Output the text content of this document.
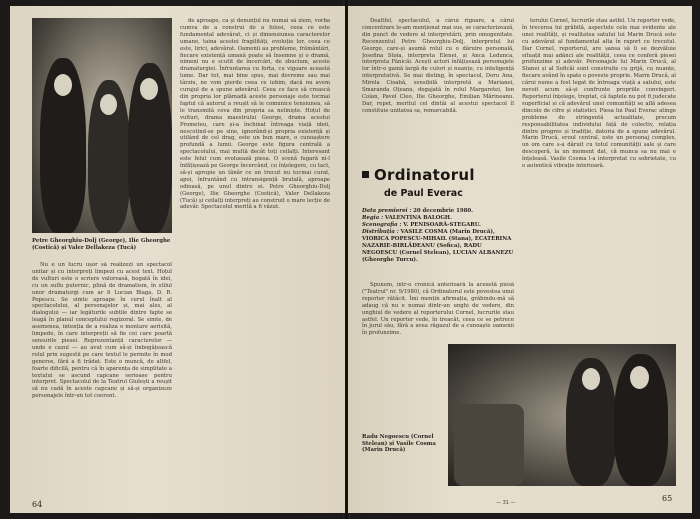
Petre Gheorghiu-Dolj (George), Ilie Gheorghe (Costică) și Valer Dellakeza (Tucă)

Nu e un lucru ușor să realizezi un spectacol unitar și cu interpreți limpezi cu acest text. Hoțul de vulturi este o scriere valoroasă, bogată în idei, cu un suflu puternic, plină de dramatism, în stilul unor dramaturgi cum ar fi Lucian Blaga, D. R. Popescu. Se simte aproape în cerul înalt al spectacolului, al personajelor și, mai ales, al dialogului — iar legăturile subtile dintre fapte se leagă în planul conceptului regizoral. Se simte, de asemenea, intenția de a realiza o montare aerisită, limpede, în care interpreții să fie cei care poartă sensurile piesei. Reprezentanții caracterelor — unde e cazul — au avut cum să-și îmbogățească rolul prin sugestii pe care textul le permite în mod generos, fără a fi trădat. Este o muncă, de altfel, foarte dificilă, pentru că în aparența de simplitate a textului se ascund capcane serioase pentru interpret. Spectacolul de la Teatrul Giulești a reușit să nu cadă în aceste capcane și să-și organizeze personajele într-un tot coerent.

de aproape, ca și denunțul nu numai să ziem, vorba cumva de a construi de a folosi, ceea ce este fundamental adevărat, ci și dimensiunea caracterelor umane, taina acestei fragilități, evoluție lor, ceea ce este, lirici, adevărat. Oamenii au probleme, frământări, fiecare existență umană poate să însemne și o dramă, nimeni nu e scutit de încercări, de zbucium, aceste dramaturgiei. Înfruntarea cu forța, cu vigoare această lume. Dar tot, mai bine spus, mai devreme sau mai târziu, ne vom pierde ceea ce iubim, dacă nu avem curajul de a spune adevărul. Ceea ce face să crească din propria lor plămadă aceste personaje este tocmai faptul că autorul a reușit să le comunice tensiunea, să le transmită ceva din propria sa neliniște. Hoțul de vulturi, drama maestrului George, drama acestui Prometeu, care și-a închinat întreaga viață ideii, nescotind-se pe sine, ignorând-și propria existență și utilând de cel drag, este un bun mare, o cunoaștere profundă a lumii. George este figura centrală a spectacolului, mai multă decât toți ceilalți. Interesant este felul cum evoluează piesa. O scenă fugară ni-l înfățișează pe George încercând, cu înțelegere, cu tact, să-și apropie un tânăr ce un trecut nu tocmai curat, apoi, înfruntând cu intransigență brutală, aproape odioasă, pe unul dintre ei. Petre Gheorghiu-Dolj (George), Ilie Gheorghe (Costică), Valer Dellakeza (Tucă) și ceilalți interpreți au construit o mare lecție de adevăr. Spectacolul merită a fi văzut.

64

Dealtfel, spectacolul, a cărui rigoare, a cărui concentrare le-am menționat mai sus, se caracterizează, din punct de vedere al interpretării, prin omogenitate. Recenzentul Petre Gheorghiu-Dolj, interpretul lui George, care-și asumă rolul cu o dăruire personală, Josefina Stoia, interpreta Elenei, și Anca Ledunca, interpreta Fănicăi. Acești actori înfățișează personajele lor într-o gamă largă de culori și nuanțe, cu inteligență interpretativă. Se mai disting, în spectacol, Doru Ana, Mirela Cioabă, sensibilă interpretă a Marianei, Smaranda Oțeanu, degajată în rolul Margaretei, Ion Colan, Pavel Cleo, Ilie Gheorghe, Emilian Mărineanu. Dar, repet, meritul cel dintâi al acestui spectacol îl constituie unitatea sa, remarcabilă.

Ordinatorul
de Paul Everac
Data premierei : 20 decembrie 1980.
Regia : VALENTINA BALOGH.
Scenografia : V. PENISOARĂ-STEGARU.
Distribuția : VASILE COSMA (Marin Drucă), VIORICA POPESCU-MIHAIL (Stana), ECATERINA NAZARIE-BIRLĂDEANU (Sofica), RADU NEGOESCU (Cornel Stelean), LUCIAN ALBANEZU (Gheorghe Turcu).

Spunem, într-o cronică anterioară la această piesă ("Teatrul" nr. 9/1980), că Ordinatorul este povestea unui reporter rătăcit. Îmi mențin afirmația, grăbindu-mă să adaug că nu e numai dintr-un unghi de vedere, din unghiul de vedere al reporterului Cornel, lucrurile stau astfel. Un reporter vede, în treacăt, ceea ce se petrece în jurul său, fără a avea răgazul de a cunoaște oamenii în profunzime.

terului Cornel, lucrurile stau astfel. Un reporter vede, în trecerea lui grăbită, aspectele cele mai evidente ale unei realități, și realitatea satului lui Marin Drucă este cu adevărat al fundamental alta în raport cu trecutul. Dar Cornel, reporterul, are șansa să îi se dezvăluie situații mai adânci ale realității, ceea ce conferă piesei profunzime și adevăr. Personajele lui Marin Drucă, al Stanei și al Soficăi sunt construite cu grijă, cu nuanțe, fiecare având în spate o poveste proprie. Marin Drucă, al cărui nume a fost legat de întreaga viață a satului, este nevoit acum să-și confrunte propriile convingeri. Reporterul înțelege, treptat, că faptele nu pot fi judecate superficial și că adevărul unei comunități se află adesea dincolo de cifre și statistici. Piesa lui Paul Everac atinge probleme de stringentă actualitate, precum responsabilitatea individului față de colectiv, relația dintre progres și tradiție, datoria de a spune adevărul. Marin Drucă, eroul central, este un personaj complex, un om care s-a dăruit cu totul comunității sale și care descoperă, la un moment dat, că munca sa nu mai e înțeleasă. Vasile Cosma l-a interpretat cu sobrietate, cu o autentică vibrație interioară.

Radu Negoescu (Cornel Stelean) și Vasile Cosma (Marin Drucă)
— 31 —	65
